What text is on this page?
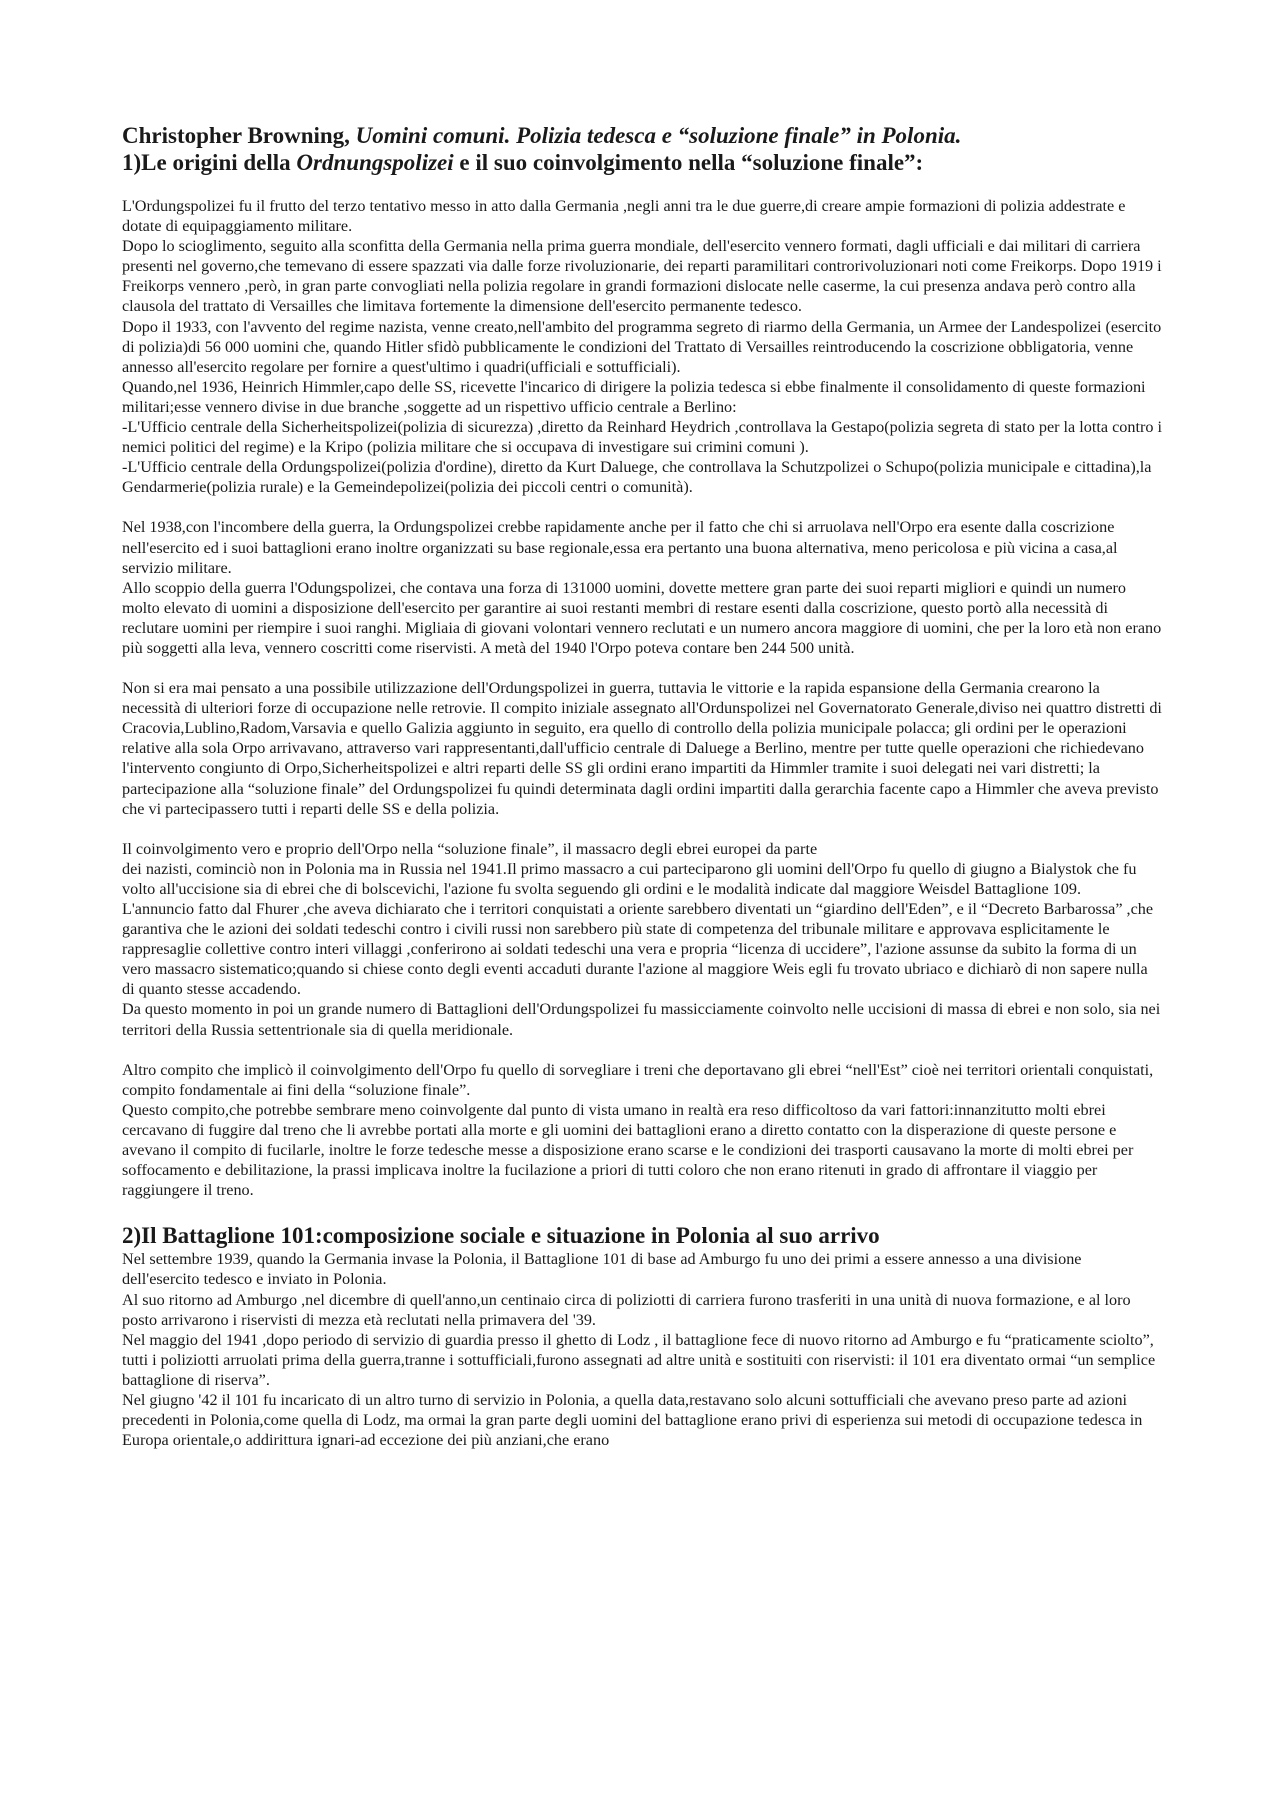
Christopher Browning, Uomini comuni. Polizia tedesca e “soluzione finale” in Polonia.
1)Le origini della Ordnungspolizei e il suo coinvolgimento nella “soluzione finale”:

L'Ordungspolizei fu il frutto del terzo tentativo messo in atto dalla Germania ,negli anni tra le due guerre,di creare ampie formazioni di polizia addestrate e dotate di equipaggiamento militare.

Dopo lo scioglimento, seguito alla sconfitta della Germania nella prima guerra mondiale, dell'esercito vennero formati, dagli ufficiali e dai militari di carriera presenti nel governo,che temevano di essere spazzati via dalle forze rivoluzionarie, dei reparti paramilitari controrivoluzionari noti come Freikorps. Dopo 1919 i Freikorps vennero ,però, in gran parte convogliati nella polizia regolare in grandi formazioni dislocate nelle caserme, la cui presenza andava però contro alla clausola del trattato di Versailles che limitava fortemente la dimensione dell'esercito permanente tedesco.

Dopo il 1933, con l'avvento del regime nazista, venne creato,nell'ambito del programma segreto di riarmo della Germania, un Armee der Landespolizei (esercito di polizia)di 56 000 uomini che, quando Hitler sfidò pubblicamente le condizioni del Trattato di Versailles reintroducendo la coscrizione obbligatoria, venne annesso all'esercito regolare per fornire a quest'ultimo i quadri(ufficiali e sottufficiali).

Quando,nel 1936, Heinrich Himmler,capo delle SS, ricevette l'incarico di dirigere la polizia tedesca si ebbe finalmente il consolidamento di queste formazioni militari;esse vennero divise in due branche ,soggette ad un rispettivo ufficio centrale a Berlino:

-L'Ufficio centrale della Sicherheitspolizei(polizia di sicurezza) ,diretto da Reinhard Heydrich ,controllava la Gestapo(polizia segreta di stato per la lotta contro i nemici politici del regime) e la Kripo (polizia militare che si occupava di investigare sui crimini comuni ).

-L'Ufficio centrale della Ordungspolizei(polizia d'ordine), diretto da Kurt Daluege, che controllava la Schutzpolizei o Schupo(polizia municipale e cittadina),la Gendarmerie(polizia rurale) e la Gemeindepolizei(polizia dei piccoli centri o comunità).

Nel 1938,con l'incombere della guerra, la Ordungspolizei crebbe rapidamente anche per il fatto che chi si arruolava nell'Orpo era esente dalla coscrizione nell'esercito ed i suoi battaglioni erano inoltre organizzati su base regionale,essa era pertanto una buona alternativa, meno pericolosa e più vicina a casa,al servizio militare.

Allo scoppio della guerra l'Odungspolizei, che contava una forza di 131000 uomini, dovette mettere gran parte dei suoi reparti migliori e quindi un numero molto elevato di uomini a disposizione dell'esercito per garantire ai suoi restanti membri di restare esenti dalla coscrizione, questo portò alla necessità di reclutare uomini per riempire i suoi ranghi. Migliaia di giovani volontari vennero reclutati e un numero ancora maggiore di uomini, che per la loro età non erano più soggetti alla leva, vennero coscritti come riservisti. A metà del 1940 l'Orpo poteva contare ben 244 500 unità.

Non si era mai pensato a una possibile utilizzazione dell'Ordungspolizei in guerra, tuttavia le vittorie e la rapida espansione della Germania crearono la necessità di ulteriori forze di occupazione nelle retrovie. Il compito iniziale assegnato all'Ordunspolizei nel Governatorato Generale,diviso nei quattro distretti di Cracovia,Lublino,Radom,Varsavia e quello Galizia aggiunto in seguito, era quello di controllo della polizia municipale polacca; gli ordini per le operazioni relative alla sola Orpo arrivavano, attraverso vari rappresentanti,dall'ufficio centrale di Daluege a Berlino, mentre per tutte quelle operazioni che richiedevano l'intervento congiunto di Orpo,Sicherheitspolizei e altri reparti delle SS gli ordini erano impartiti da Himmler tramite i suoi delegati nei vari distretti; la partecipazione alla “soluzione finale” del Ordungspolizei fu quindi determinata dagli ordini impartiti dalla gerarchia facente capo a Himmler che aveva previsto che vi partecipassero tutti i reparti delle SS e della polizia.

Il coinvolgimento vero e proprio dell'Orpo nella “soluzione finale”, il massacro degli ebrei europei da parte

dei nazisti, cominciò non in Polonia ma in Russia nel 1941.Il primo massacro a cui parteciparono gli uomini dell'Orpo fu quello di giugno a Bialystok che fu volto all'uccisione sia di ebrei che di bolscevichi, l'azione fu svolta seguendo gli ordini e le modalità indicate dal maggiore Weisdel Battaglione 109.

L'annuncio fatto dal Fhurer ,che aveva dichiarato che i territori conquistati a oriente sarebbero diventati un “giardino dell'Eden”, e il “Decreto Barbarossa” ,che garantiva che le azioni dei soldati tedeschi contro i civili russi non sarebbero più state di competenza del tribunale militare e approvava esplicitamente le rappresaglie collettive contro interi villaggi ,conferirono ai soldati tedeschi una vera e propria “licenza di uccidere”, l'azione assunse da subito la forma di un vero massacro sistematico;quando si chiese conto degli eventi accaduti durante l'azione al maggiore Weis egli fu trovato ubriaco e dichiarò di non sapere nulla di quanto stesse accadendo.

Da questo momento in poi un grande numero di Battaglioni dell'Ordungspolizei fu massicciamente coinvolto nelle uccisioni di massa di ebrei e non solo, sia nei territori della Russia settentrionale sia di quella meridionale.

Altro compito che implicò il coinvolgimento dell'Orpo fu quello di sorvegliare i treni che deportavano gli ebrei “nell'Est” cioè nei territori orientali conquistati, compito fondamentale ai fini della “soluzione finale”.

Questo compito,che potrebbe sembrare meno coinvolgente dal punto di vista umano in realtà era reso difficoltoso da vari fattori:innanzitutto molti ebrei cercavano di fuggire dal treno che li avrebbe portati alla morte e gli uomini dei battaglioni erano a diretto contatto con la disperazione di queste persone e avevano il compito di fucilarle, inoltre le forze tedesche messe a disposizione erano scarse e le condizioni dei trasporti causavano la morte di molti ebrei per soffocamento e debilitazione, la prassi implicava inoltre la fucilazione a priori di tutti coloro che non erano ritenuti in grado di affrontare il viaggio per raggiungere il treno.

2)Il Battaglione 101:composizione sociale e situazione in Polonia al suo arrivo

Nel settembre 1939, quando la Germania invase la Polonia, il Battaglione 101 di base ad Amburgo fu uno dei primi a essere annesso a una divisione dell'esercito tedesco e inviato in Polonia.

Al suo ritorno ad Amburgo ,nel dicembre di quell'anno,un centinaio circa di poliziotti di carriera furono trasferiti in una unità di nuova formazione, e al loro posto arrivarono i riservisti di mezza età reclutati nella primavera del '39.

Nel maggio del 1941 ,dopo periodo di servizio di guardia presso il ghetto di Lodz , il battaglione fece di nuovo ritorno ad Amburgo e fu “praticamente sciolto”, tutti i poliziotti arruolati prima della guerra,tranne i sottufficiali,furono assegnati ad altre unità e sostituiti con riservisti: il 101 era diventato ormai “un semplice battaglione di riserva”.

Nel giugno '42 il 101 fu incaricato di un altro turno di servizio in Polonia, a quella data,restavano solo alcuni sottufficiali che avevano preso parte ad azioni precedenti in Polonia,come quella di Lodz, ma ormai la gran parte degli uomini del battaglione erano privi di esperienza sui metodi di occupazione tedesca in Europa orientale,o addirittura ignari-ad eccezione dei più anziani,che erano
